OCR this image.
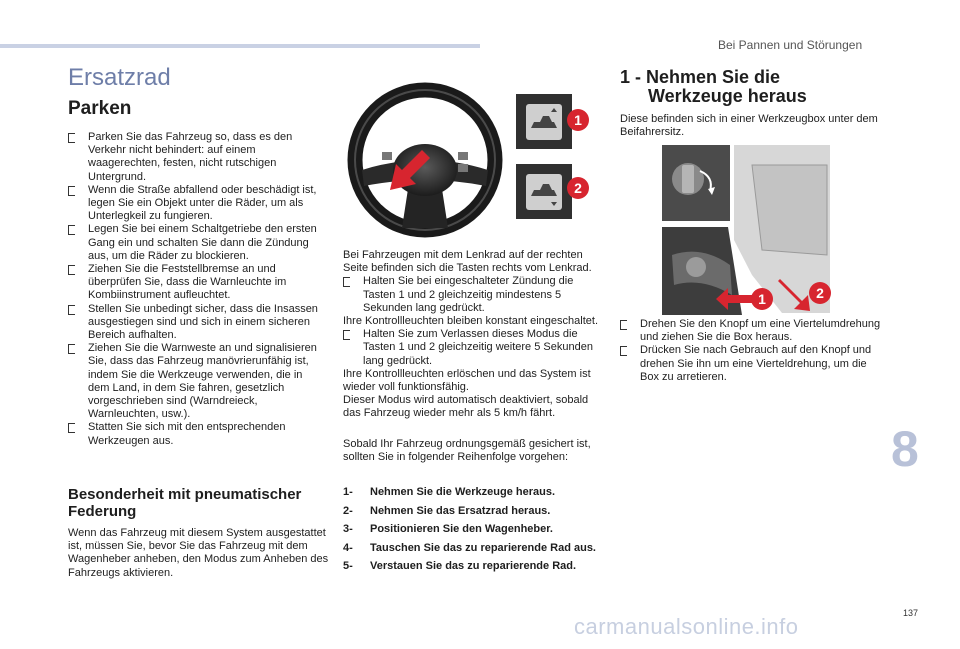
Bei Pannen und Störungen
8
137
carmanualsonline.info
Ersatzrad
Parken
Parken Sie das Fahrzeug so, dass es den Verkehr nicht behindert: auf einem waagerechten, festen, nicht rutschigen Untergrund.
Wenn die Straße abfallend oder beschädigt ist, legen Sie ein Objekt unter die Räder, um als Unterlegkeil zu fungieren.
Legen Sie bei einem Schaltgetriebe den ersten Gang ein und schalten Sie dann die Zündung aus, um die Räder zu blockieren.
Ziehen Sie die Feststellbremse an und überprüfen Sie, dass die Warnleuchte im Kombiinstrument aufleuchtet.
Stellen Sie unbedingt sicher, dass die Insassen ausgestiegen sind und sich in einem sicheren Bereich aufhalten.
Ziehen Sie die Warnweste an und signalisieren Sie, dass das Fahrzeug manövrierunfähig ist, indem Sie die Werkzeuge verwenden, die in dem Land, in dem Sie fahren, gesetzlich vorgeschrieben sind (Warndreieck, Warnleuchten, usw.).
Statten Sie sich mit den entsprechenden Werkzeugen aus.
Besonderheit mit pneumatischer Federung

Wenn das Fahrzeug mit diesem System ausgestattet ist, müssen Sie, bevor Sie das Fahrzeug mit dem Wagenheber anheben, den Modus zum Anheben des Fahrzeugs aktivieren.

1
2
Bei Fahrzeugen mit dem Lenkrad auf der rechten Seite befinden sich die Tasten rechts vom Lenkrad.
Halten Sie bei eingeschalteter Zündung die Tasten 1 und 2 gleichzeitig mindestens 5 Sekunden lang gedrückt.
Ihre Kontrollleuchten bleiben konstant eingeschaltet.
Halten Sie zum Verlassen dieses Modus die Tasten 1 und 2 gleichzeitig weitere 5 Sekunden lang gedrückt.
Ihre Kontrollleuchten erlöschen und das System ist wieder voll funktionsfähig.
Dieser Modus wird automatisch deaktiviert, sobald das Fahrzeug wieder mehr als 5 km/h fährt.

Sobald Ihr Fahrzeug ordnungsgemäß gesichert ist, sollten Sie in folgender Reihenfolge vorgehen:

1- Nehmen Sie die Werkzeuge heraus.
2- Nehmen Sie das Ersatzrad heraus.
3- Positionieren Sie den Wagenheber.
4- Tauschen Sie das zu reparierende Rad aus.
5- Verstauen Sie das zu reparierende Rad.
1 - Nehmen Sie die
Werkzeuge heraus

Diese befinden sich in einer Werkzeugbox unter dem Beifahrersitz.

1	2
Drehen Sie den Knopf um eine Viertelumdrehung und ziehen Sie die Box heraus.
Drücken Sie nach Gebrauch auf den Knopf und drehen Sie ihn um eine Vierteldrehung, um die Box zu arretieren.
